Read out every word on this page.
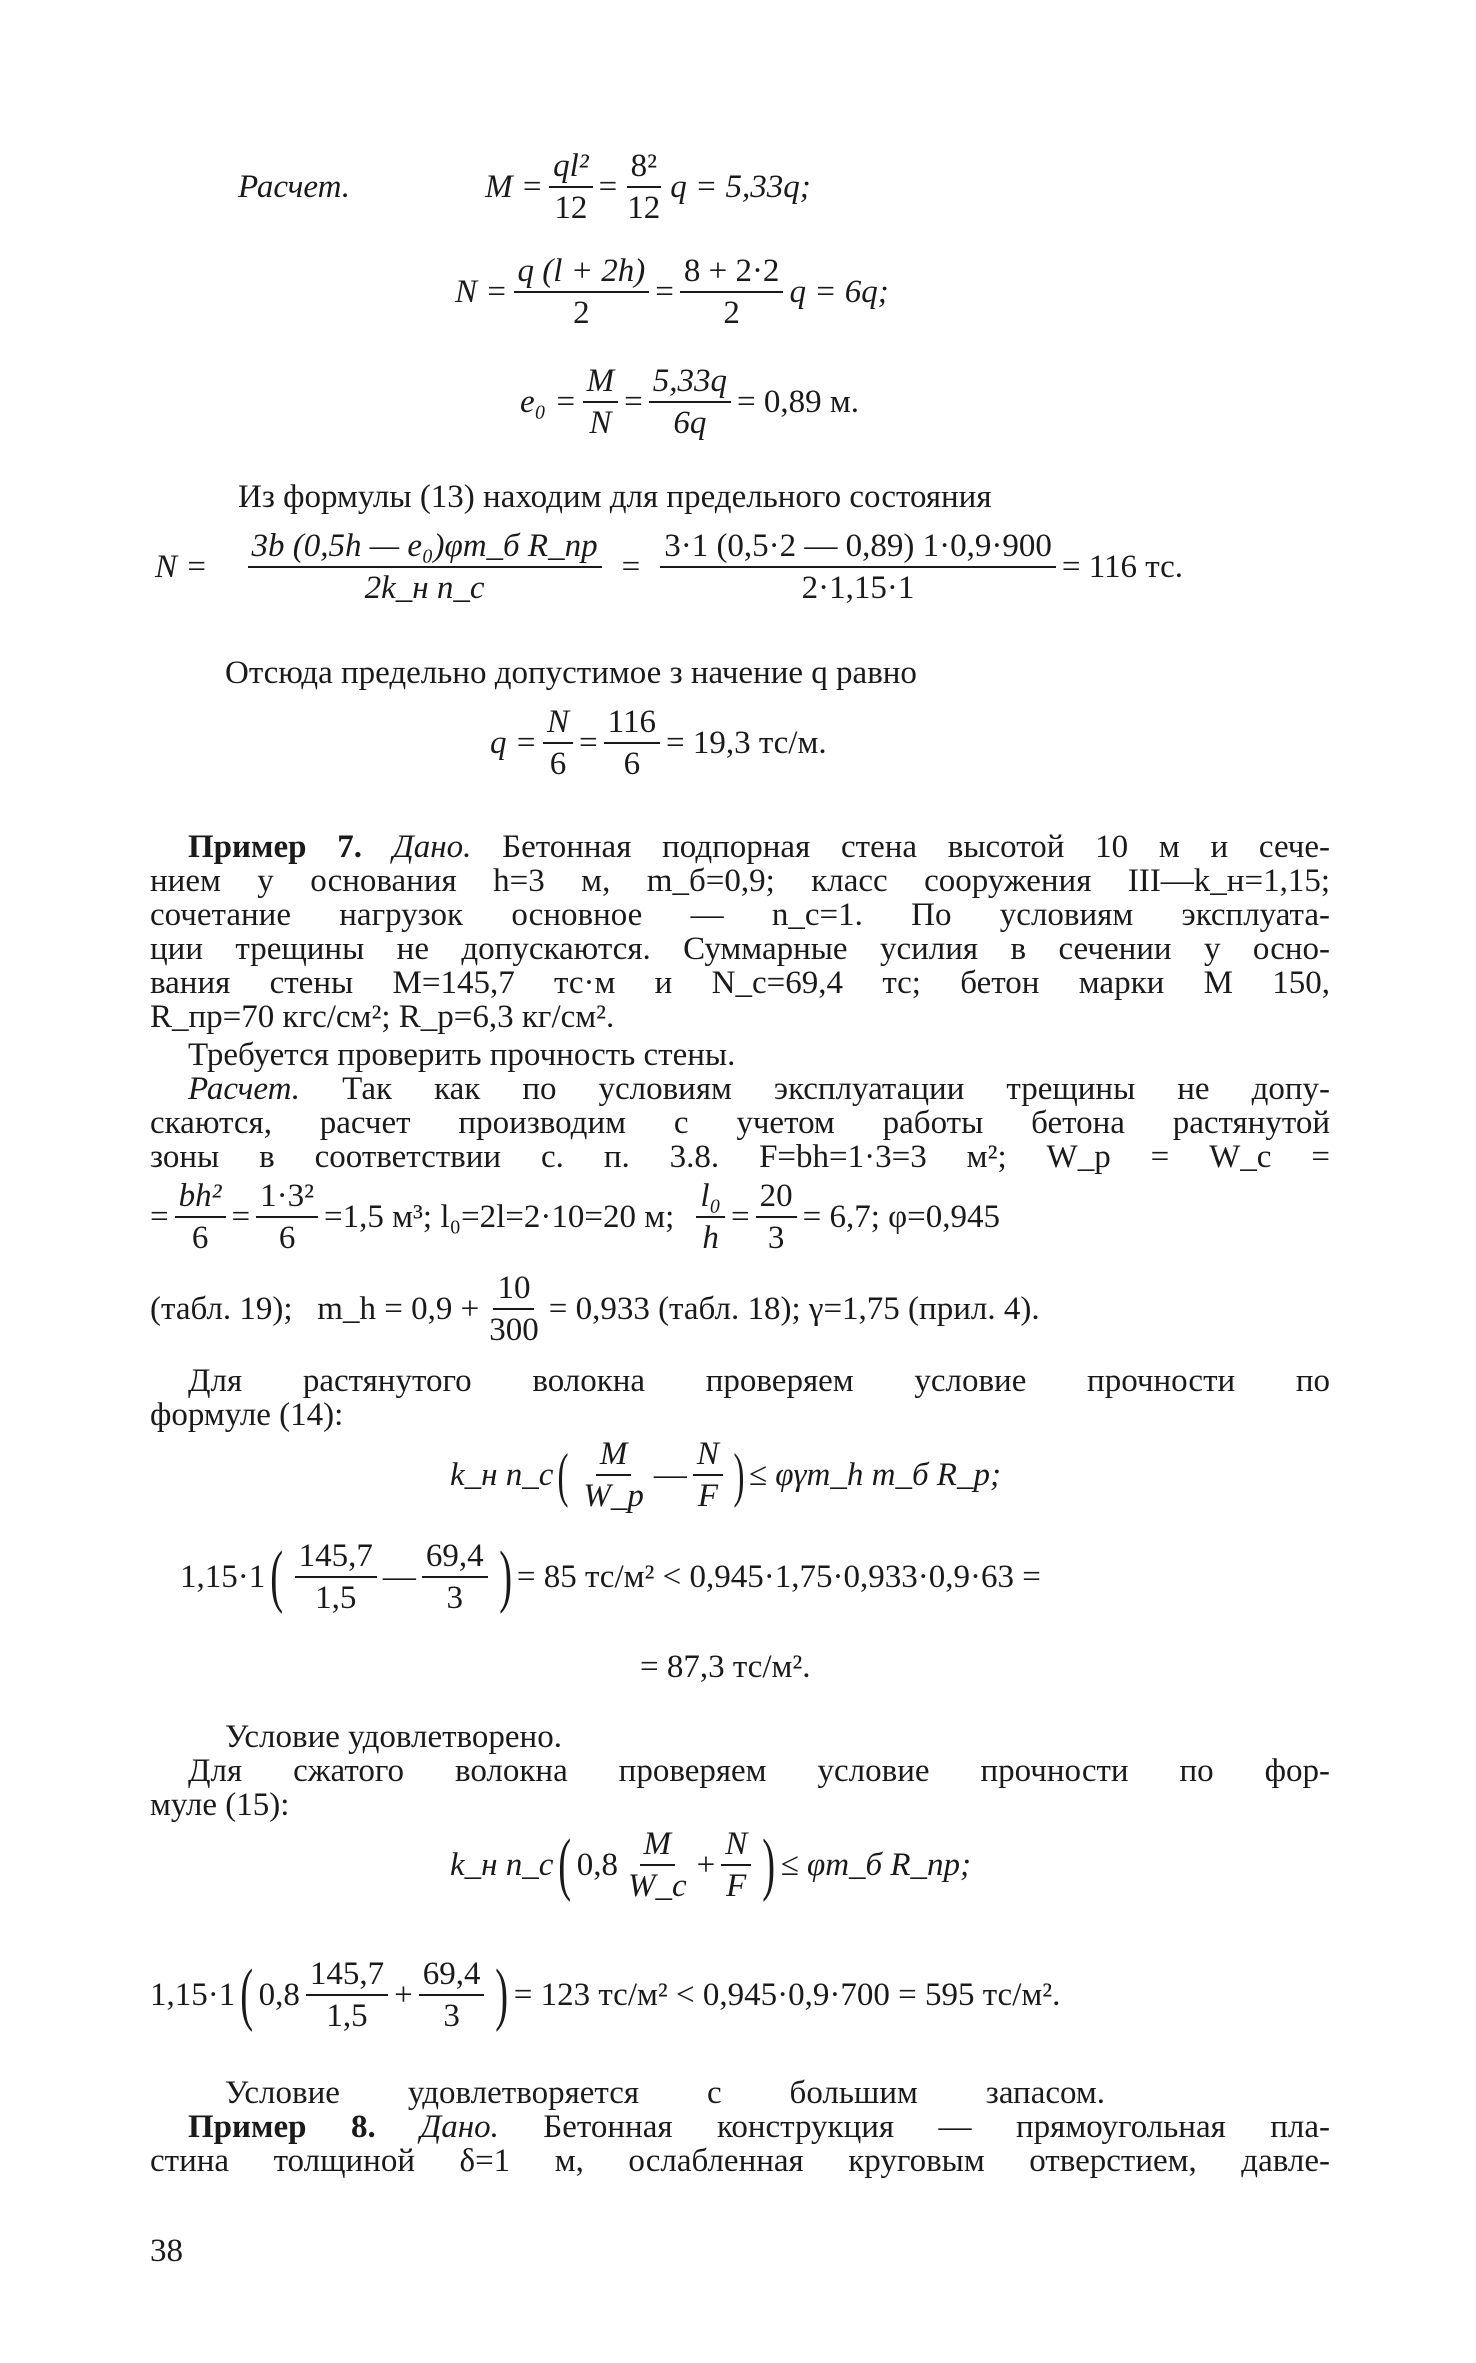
Расчет.	$M = \frac{\text{ql²}}{12} = \frac{\text{8²}}{12}$ q = 5,33q;
$N = \frac{q (l + 2h)}{2} = \frac{8 + 2\cdot 2}{2}$ q = 6q;
$e_0 = \frac{M}{N} = \frac{5,33q}{6q} = 0,89$ м.
Из формулы (13) находим для предельного состояния
$N = \frac{\text{3b (0,5h — e₀)φm\_б R\_пр}}{\text{2k\_н n\_с}} = \frac{3\cdot 1 (0,5\cdot 2 — 0,89) 1\cdot 0,9\cdot 900}{2\cdot 1,15\cdot 1} = 116$ тс.
Отсюда предельно допустимое з начение q равно
$q = \frac{N}{6} = \frac{116}{6} = 19,3$ тс/м.
Пример 7. Дано. Бетонная подпорная стена высотой 10 м и сече-
нием у основания h=3 м, m_б=0,9; класс сооружения III—k_н=1,15;
сочетание нагрузок основное — n_с=1. По условиям эксплуата-
ции трещины не допускаются. Суммарные усилия в сечении у осно-
вания стены M=145,7 тс·м и N_с=69,4 тс; бетон марки М 150,
R_пр=70 кгс/см²; R_р=6,3 кг/см².
Требуется проверить прочность стены.
Расчет. Так как по условиям эксплуатации трещины не допу-
скаются, расчет производим с учетом работы бетона растянутой
зоны в соответствии с. п. 3.8. F=bh=1·3=3 м²; W_р = W_с =
= $\frac{\text{bh²}}{6} = \frac{\text{1·3²}}{6} =1,5$ м³; l₀=2l=2·10=20 м; $\frac{\text{l₀}}{h} = \frac{20}{3} = 6,7$; φ=0,945
(табл. 19);   m_h = $0,9 + \frac{10}{300} = 0,933$ (табл. 18); γ=1,75 (прил. 4).
Для растянутого волокна проверяем условие прочности по
формуле (14):
k_н n_с ( $\frac{M}{W\_р}$ — $\frac{N}{F}$ ) ≤ φγm_h m_б R_р;
1,15·1 ( $\frac{145,7}{1,5}$ — $\frac{69,4}{3}$ ) = 85 тс/м² < 0,945·1,75·0,933·0,9·63 =
= 87,3 тс/м².
Условие удовлетворено.
Для сжатого волокна проверяем условие прочности по фор-
муле (15):
k_н n_с ( $0,8 \frac{M}{W\_с} + \frac{N}{F}$ ) ≤ φm_б R_пр;
1,15·1 ( $0,8 \frac{145,7}{1,5} + \frac{69,4}{3}$ ) = 123 тс/м² < 0,945·0,9·700 = 595 тс/м².
Условие удовлетворяется с большим запасом.
Пример 8. Дано. Бетонная конструкция — прямоугольная пла-
стина толщиной δ=1 м, ослабленная круговым отверстием, давле-
38
